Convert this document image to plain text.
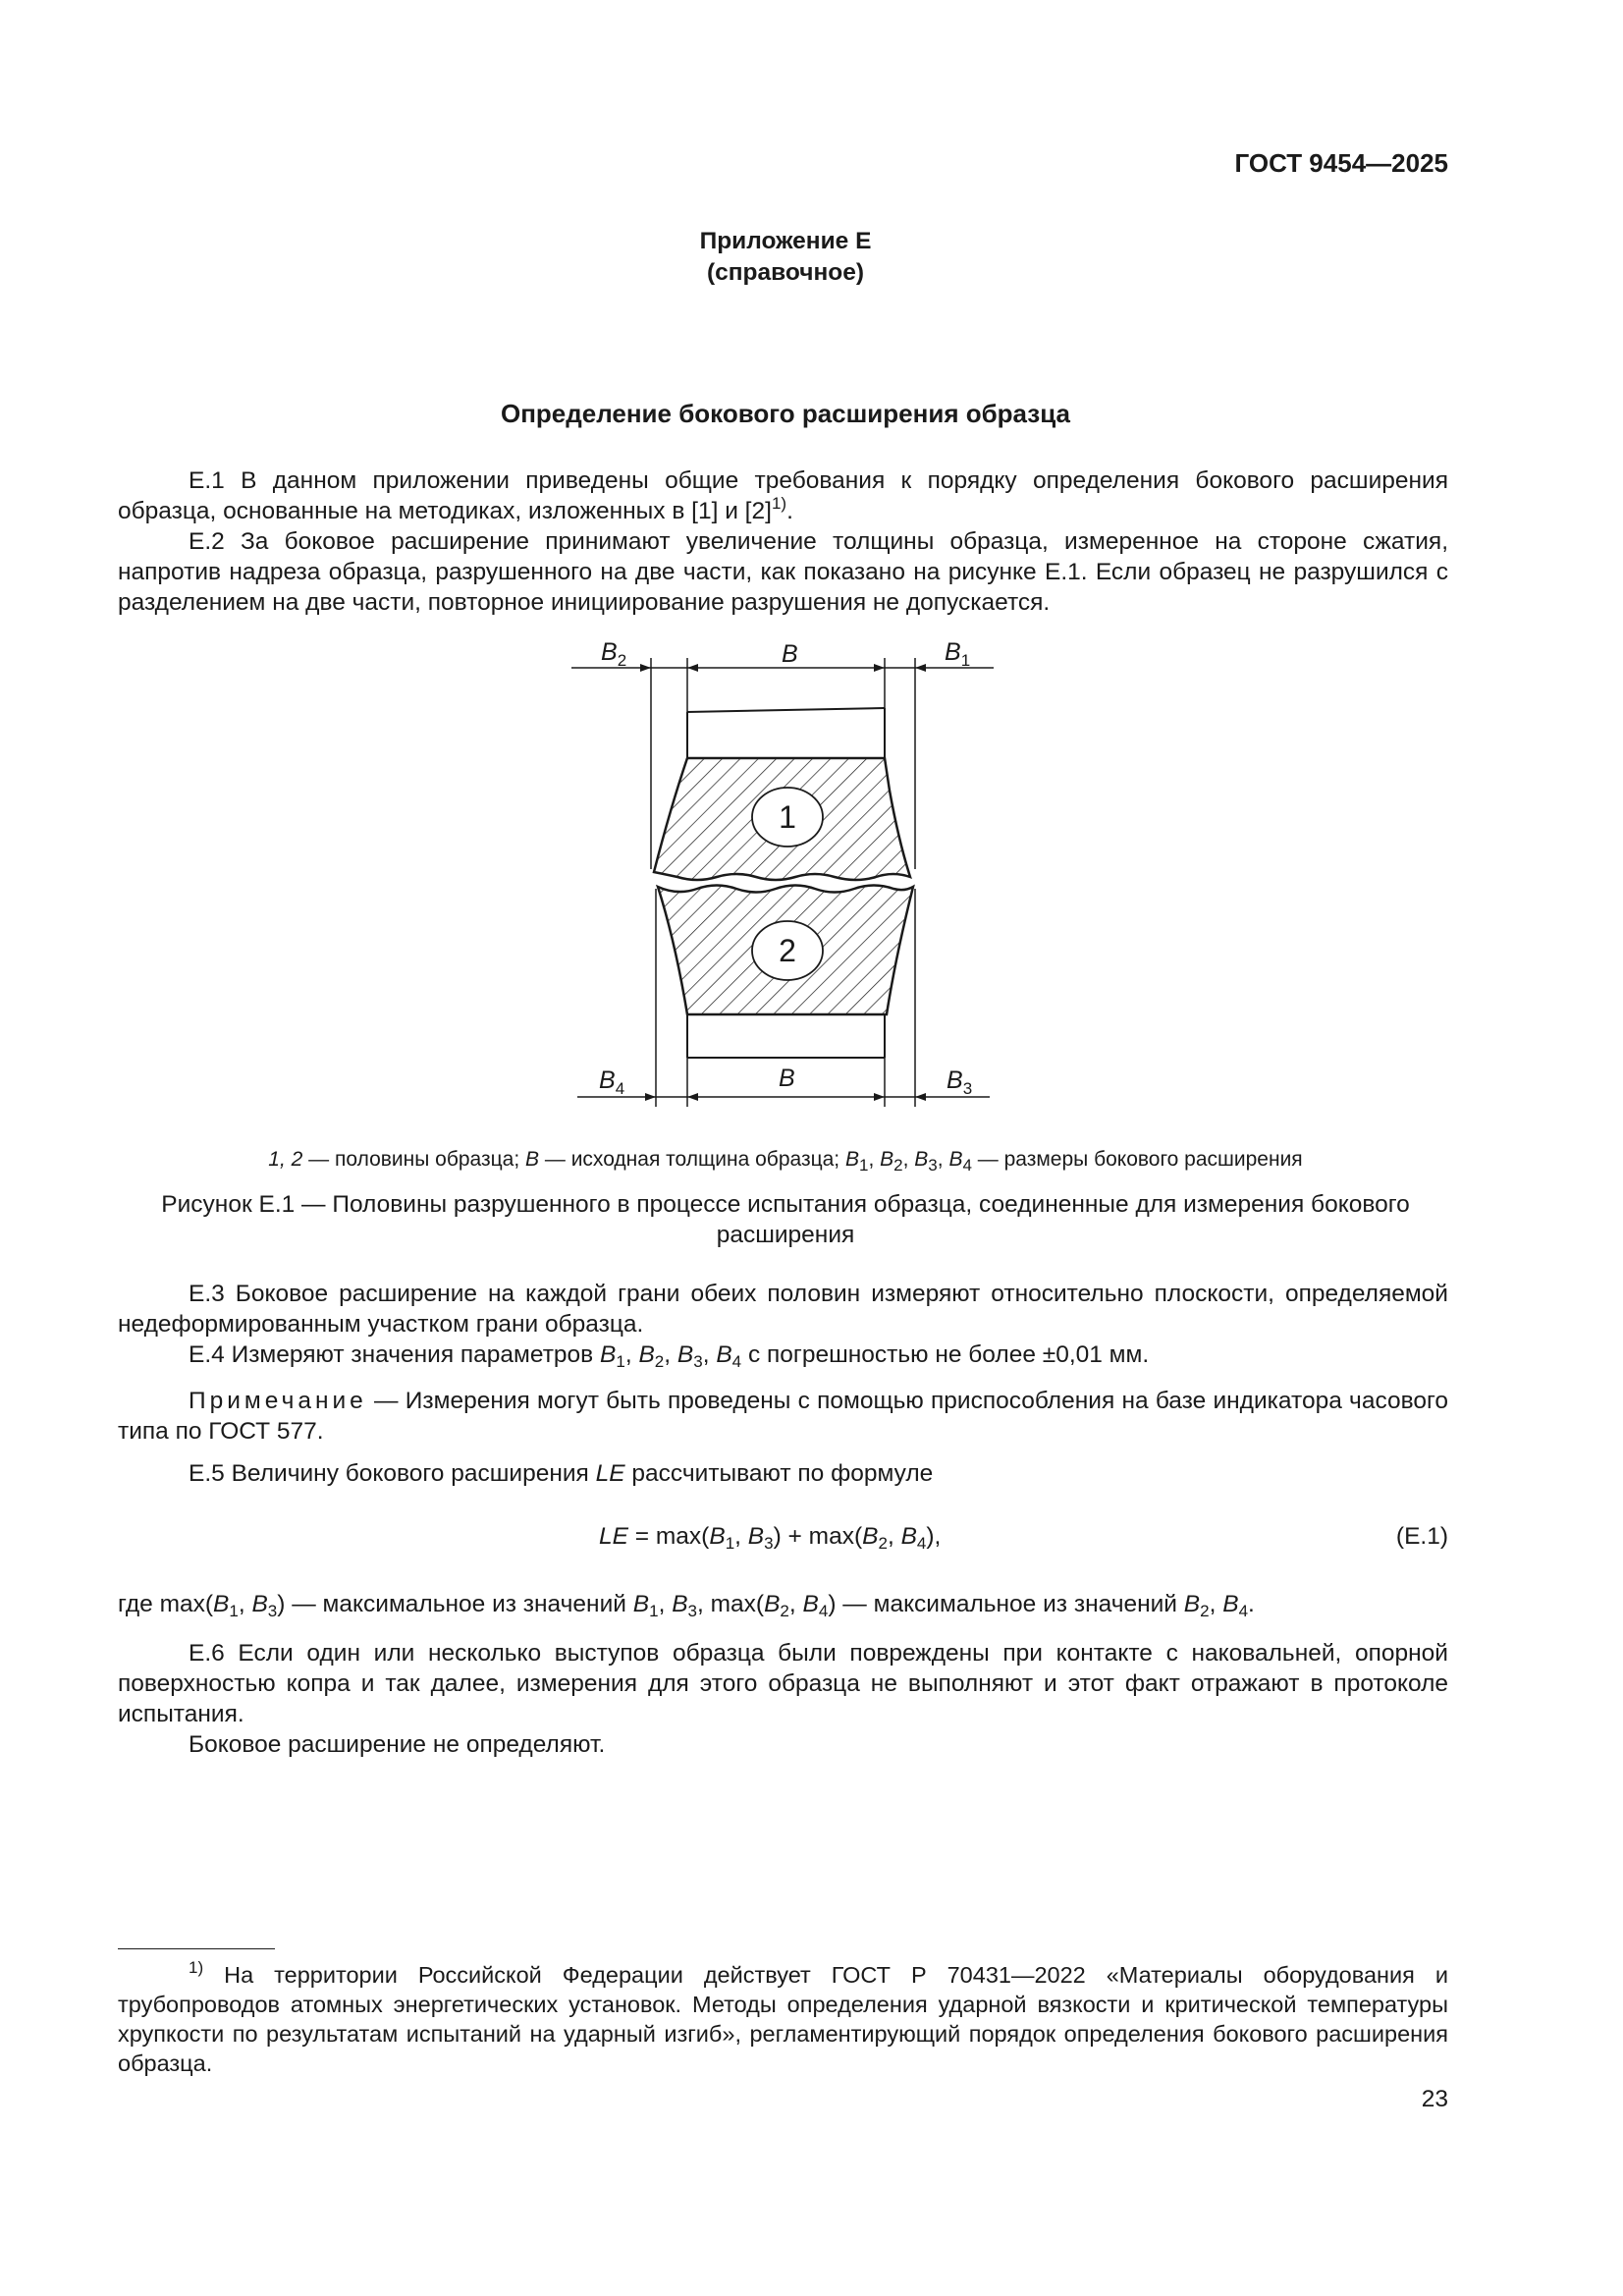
ГОСТ 9454—2025
Приложение Е
(справочное)
Определение бокового расширения образца
Е.1 В данном приложении приведены общие требования к порядку определения бокового расширения образца, основанные на методиках, изложенных в [1] и $[2]^{1)}$.
Е.2 За боковое расширение принимают увеличение толщины образца, измеренное на стороне сжатия, напротив надреза образца, разрушенного на две части, как показано на рисунке Е.1. Если образец не разрушился с разделением на две части, повторное инициирование разрушения не допускается.
1
2
$B_2$	B	$B_1$
$B_4$	B	$B_3$
1, 2 — половины образца; B — исходная толщина образца; $B_1$, $B_2$, $B_3$, $B_4$ — размеры бокового расширения
Рисунок Е.1 — Половины разрушенного в процессе испытания образца, соединенные для измерения бокового расширения
Е.3 Боковое расширение на каждой грани обеих половин измеряют относительно плоскости, определяемой недеформированным участком грани образца.
Е.4 Измеряют значения параметров $B_1$, $B_2$, $B_3$, $B_4$ с погрешностью не более ±0,01 мм.
Примечание — Измерения могут быть проведены с помощью приспособления на базе индикатора часового типа по ГОСТ 577.
Е.5 Величину бокового расширения LE рассчитывают по формуле
LE = $\max(B_1$, $B_3) + \max(B_2$, $B_4$),	(Е.1)
где $\max(B_1$, $B_3$) — максимальное из значений $B_1$, $B_3$, $\max(B_2$, $B_4$) — максимальное из значений $B_2$, $B_4$.
Е.6 Если один или несколько выступов образца были повреждены при контакте с наковальней, опорной поверхностью копра и так далее, измерения для этого образца не выполняют и этот факт отражают в протоколе испытания.
Боковое расширение не определяют.
$^{1)}$ На территории Российской Федерации действует ГОСТ Р 70431—2022 «Материалы оборудования и трубопроводов атомных энергетических установок. Методы определения ударной вязкости и критической температуры хрупкости по результатам испытаний на ударный изгиб», регламентирующий порядок определения бокового расширения образца.
23
